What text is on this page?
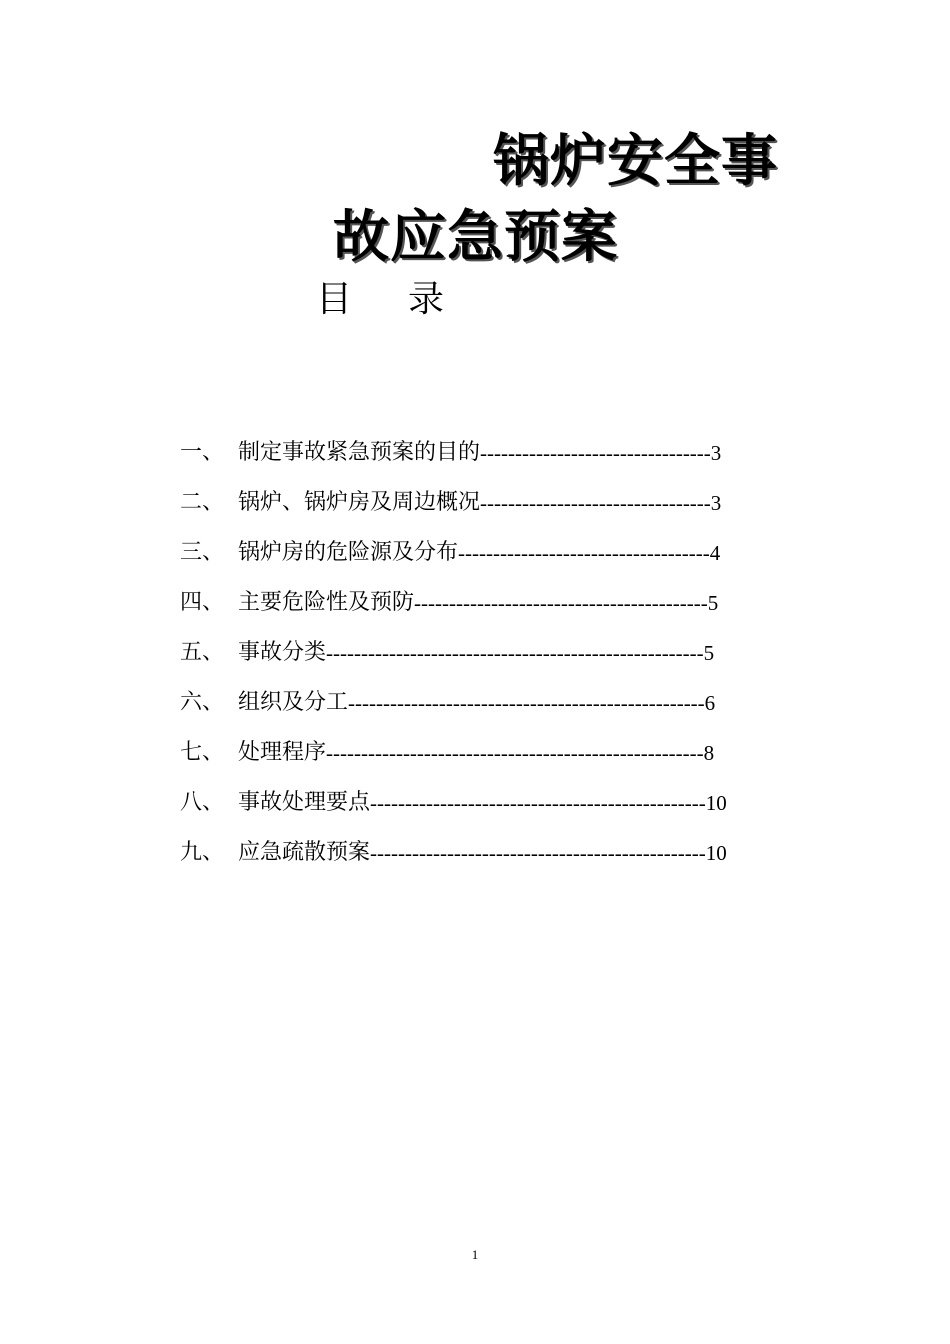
锅炉安全事
故应急预案
目 录
一、 制定事故紧急预案的目的 --------------------------------- 3
二、 锅炉、锅炉房及周边概况 --------------------------------- 3
三、 锅炉房的危险源及分布 ------------------------------------ 4
四、 主要危险性及预防 ------------------------------------------ 5
五、 事故分类 ------------------------------------------------------ 5
六、 组织及分工 --------------------------------------------------- 6
七、 处理程序 ------------------------------------------------------ 8
八、 事故处理要点 ------------------------------------------------ 10
九、 应急疏散预案 ------------------------------------------------ 10
1
